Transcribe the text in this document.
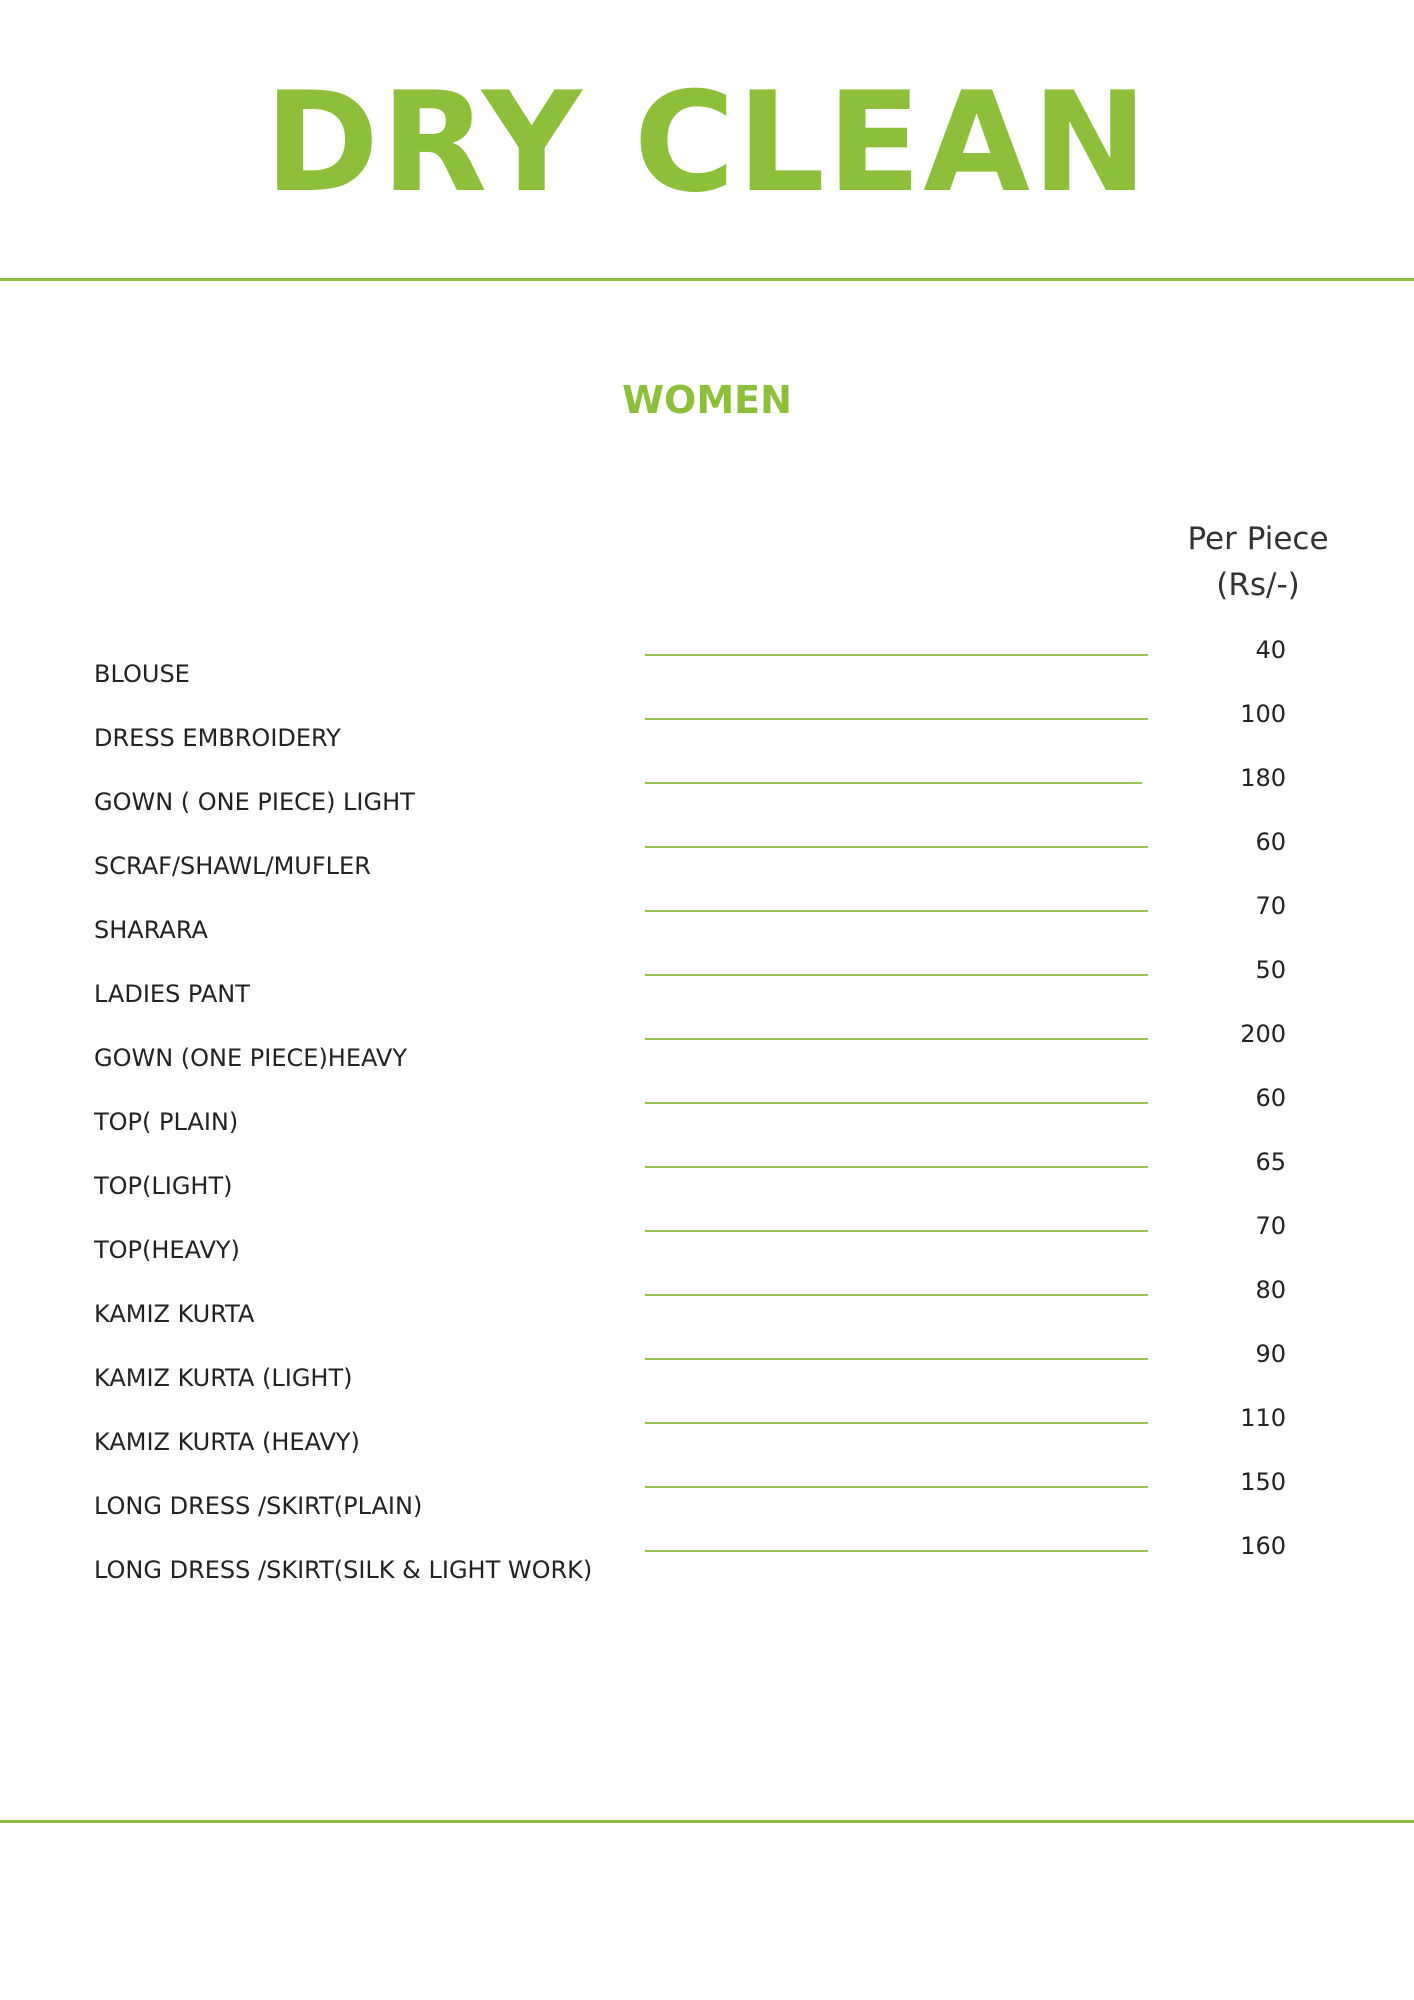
DRY CLEAN
WOMEN
Per Piece
(Rs/-)
BLOUSE
40
DRESS EMBROIDERY
100
GOWN ( ONE PIECE) LIGHT
180
SCRAF/SHAWL/MUFLER
60
SHARARA
70
LADIES PANT
50
GOWN (ONE PIECE)HEAVY
200
TOP( PLAIN)
60
TOP(LIGHT)
65
TOP(HEAVY)
70
KAMIZ KURTA
80
KAMIZ KURTA (LIGHT)
90
KAMIZ KURTA (HEAVY)
110
LONG DRESS /SKIRT(PLAIN)
150
LONG DRESS /SKIRT(SILK & LIGHT WORK)
160
